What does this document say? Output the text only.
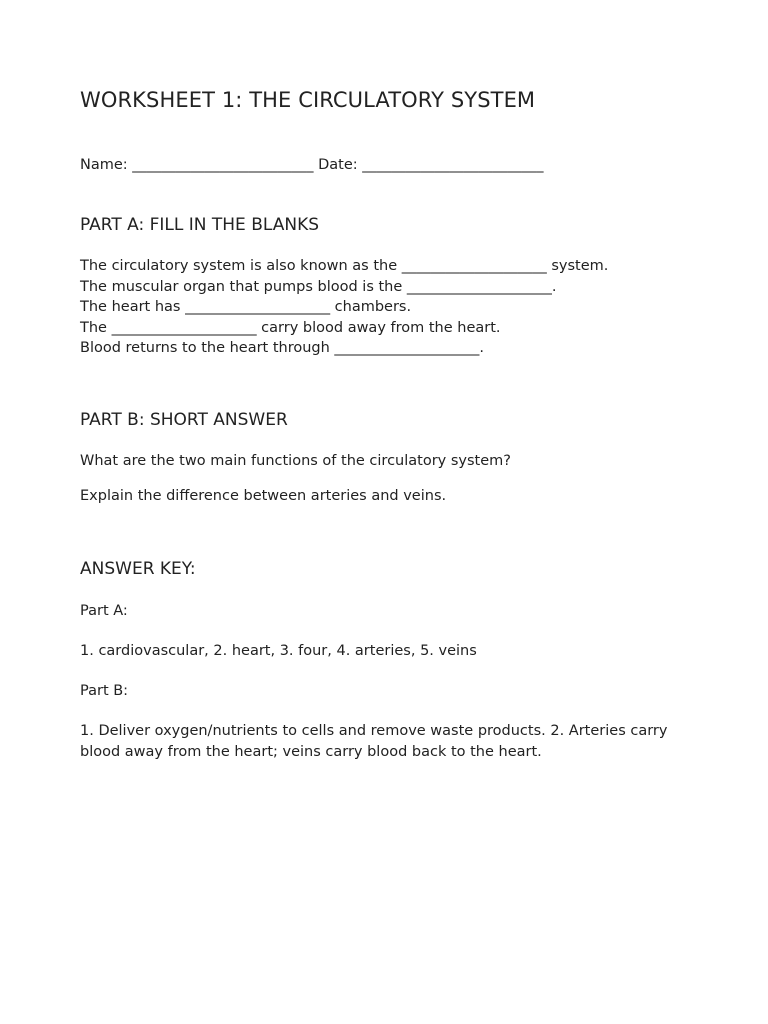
WORKSHEET 1: THE CIRCULATORY SYSTEM
Name: _________________________ Date: _________________________
PART A: FILL IN THE BLANKS
The circulatory system is also known as the ____________________ system.
The muscular organ that pumps blood is the ____________________.
The heart has ____________________ chambers.
The ____________________ carry blood away from the heart.
Blood returns to the heart through ____________________.
PART B: SHORT ANSWER

What are the two main functions of the circulatory system?

Explain the difference between arteries and veins.

ANSWER KEY:

Part A:

1. cardiovascular, 2. heart, 3. four, 4. arteries, 5. veins

Part B:

1. Deliver oxygen/nutrients to cells and remove waste products. 2. Arteries carry blood away from the heart; veins carry blood back to the heart.
